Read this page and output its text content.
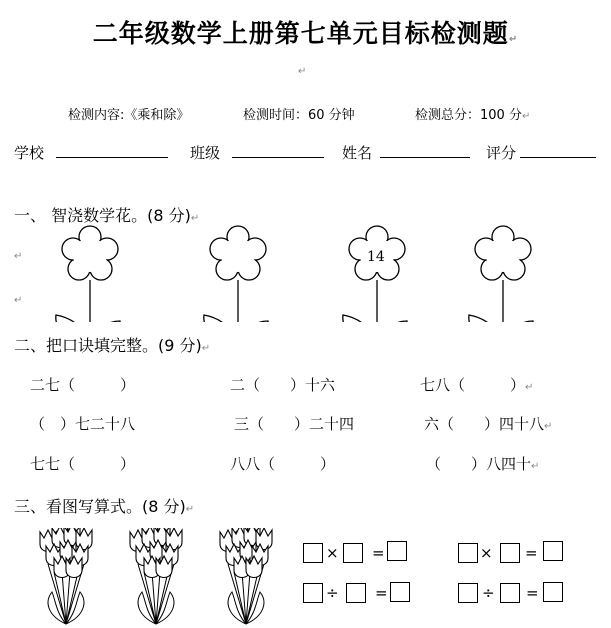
二年级数学上册第七单元目标检测题↵
↵
检测内容:《乘和除》	检测时间：60 分钟	检测总分：100 分↵
学校	班级	姓名	评分
一、 智浇数学花。(8 分)↵
↵
↵
14
二、把口诀填完整。(9 分)↵
二七（　　　）	二（　　）十六	七八（　　　）↵
（　）七二十八	三（　　）二十四	六（　　）四十八↵
七七（　　　）	八八（　　　）	（　　）八四十↵
三、看图写算式。(8 分)↵
× =
÷ =
× =
÷ =
